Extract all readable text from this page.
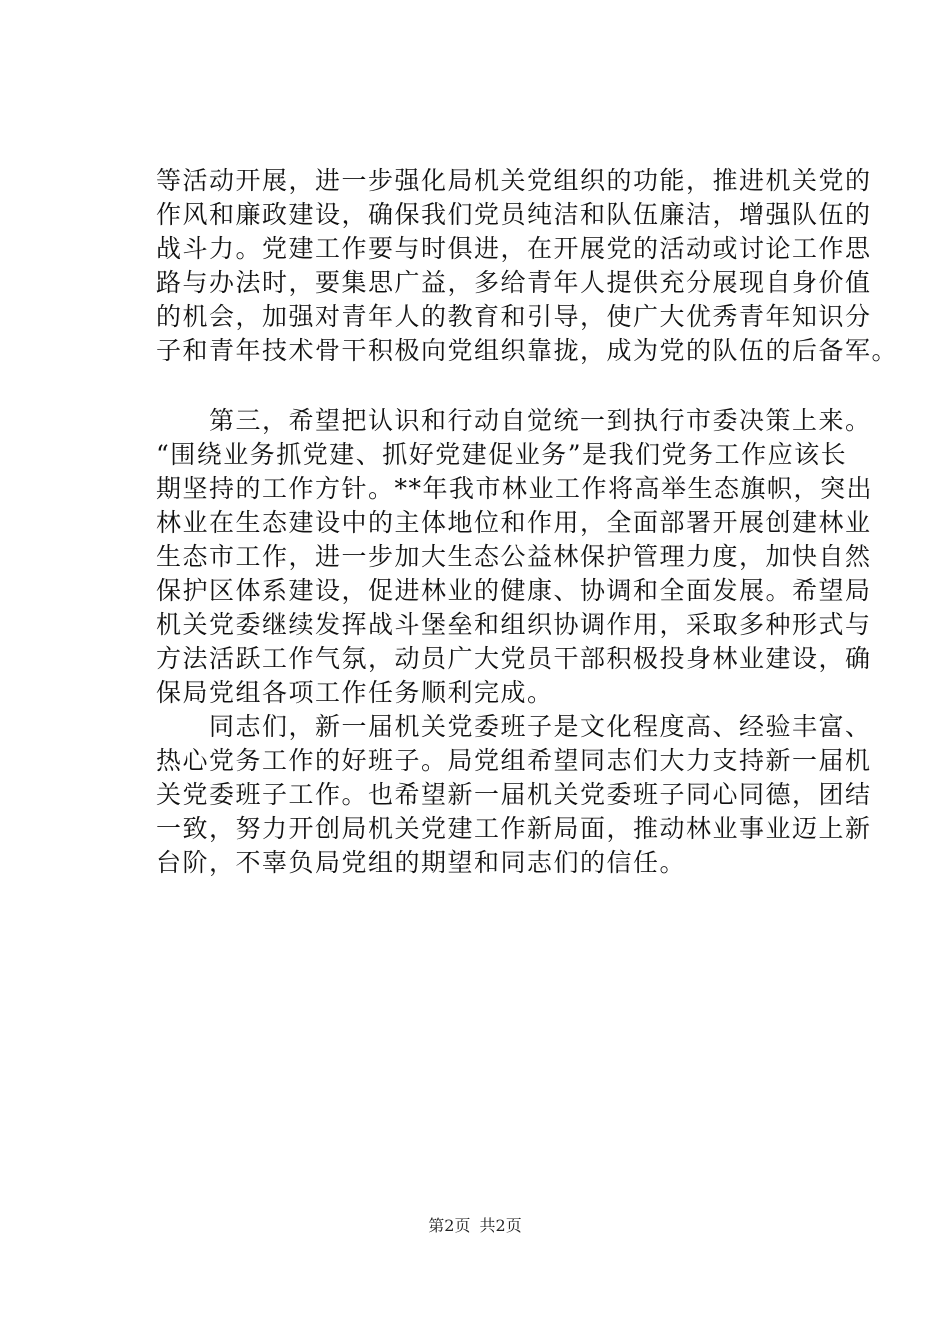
等活动开展，进一步强化局机关党组织的功能，推进机关党的
作风和廉政建设，确保我们党员纯洁和队伍廉洁，增强队伍的
战斗力。党建工作要与时俱进，在开展党的活动或讨论工作思
路与办法时，要集思广益，多给青年人提供充分展现自身价值
的机会，加强对青年人的教育和引导，使广大优秀青年知识分
子和青年技术骨干积极向党组织靠拢，成为党的队伍的后备军。
　　第三，希望把认识和行动自觉统一到执行市委决策上来。
“围绕业务抓党建、抓好党建促业务”是我们党务工作应该长
期坚持的工作方针。**年我市林业工作将高举生态旗帜，突出
林业在生态建设中的主体地位和作用，全面部署开展创建林业
生态市工作，进一步加大生态公益林保护管理力度，加快自然
保护区体系建设，促进林业的健康、协调和全面发展。希望局
机关党委继续发挥战斗堡垒和组织协调作用，采取多种形式与
方法活跃工作气氛，动员广大党员干部积极投身林业建设，确
保局党组各项工作任务顺利完成。
　　同志们，新一届机关党委班子是文化程度高、经验丰富、
热心党务工作的好班子。局党组希望同志们大力支持新一届机
关党委班子工作。也希望新一届机关党委班子同心同德，团结
一致，努力开创局机关党建工作新局面，推动林业事业迈上新
台阶，不辜负局党组的期望和同志们的信任。
第2页 共2页
